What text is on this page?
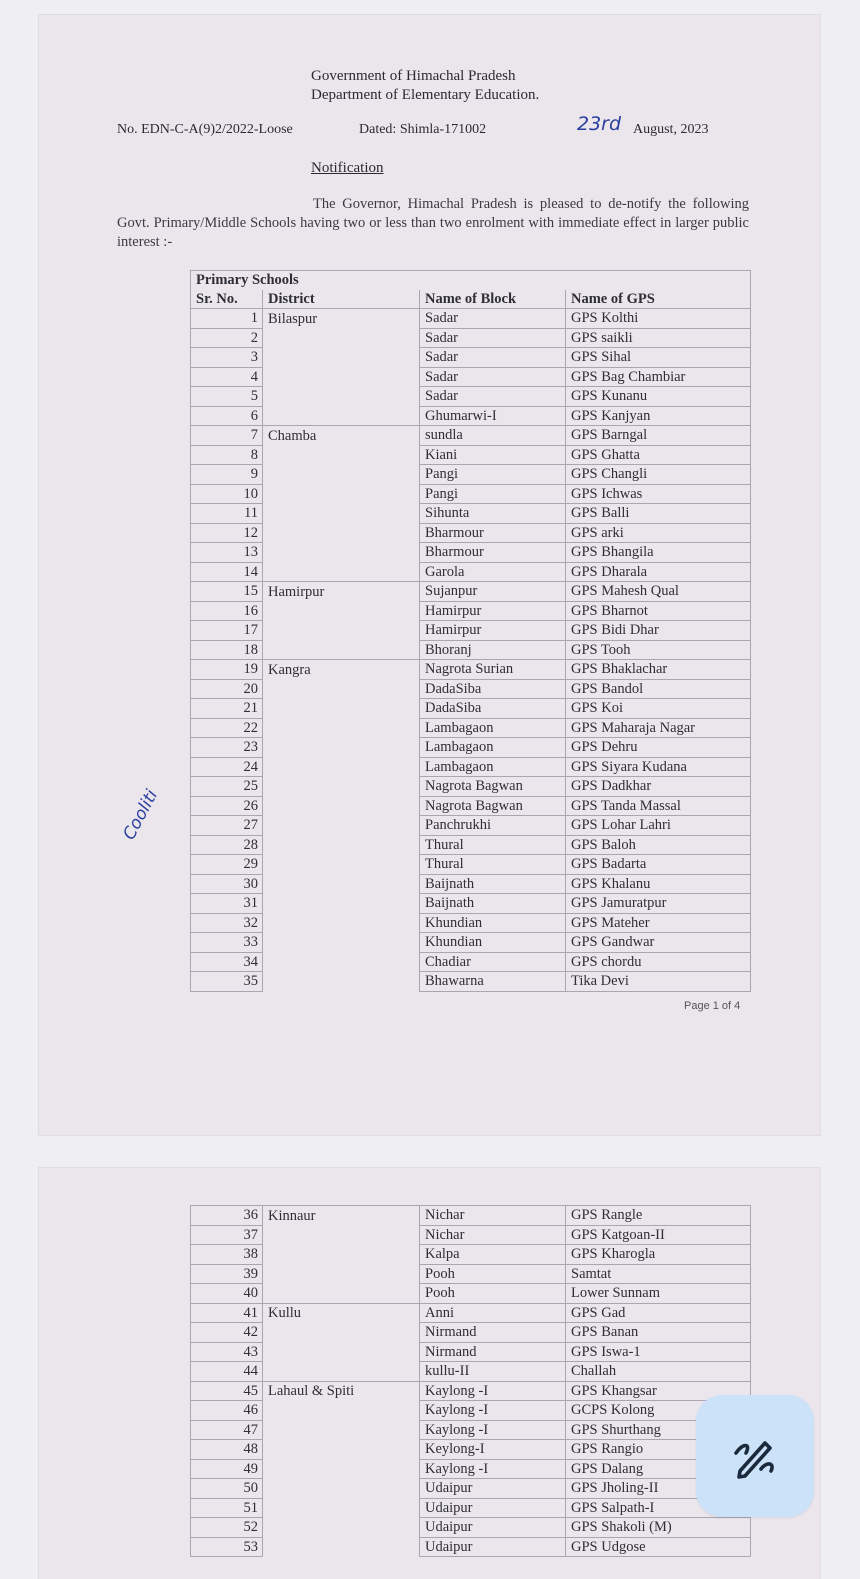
Government of Himachal Pradesh
Department of Elementary Education.
No. EDN-C-A(9)2/2022-Loose	Dated: Shimla-171002	23rd August, 2023
Notification
The Governor, Himachal Pradesh is pleased to de-notify the following Govt. Primary/Middle Schools having two or less than two enrolment with immediate effect in larger public interest :-
Cooliti
Primary Schools			
Sr. No.	District	Name of Block	Name of GPS
1	Bilaspur	Sadar	GPS Kolthi
2		Sadar	GPS saikli
3		Sadar	GPS Sihal
4		Sadar	GPS Bag Chambiar
5		Sadar	GPS Kunanu
6		Ghumarwi-I	GPS Kanjyan
7	Chamba	sundla	GPS Barngal
8		Kiani	GPS Ghatta
9		Pangi	GPS Changli
10		Pangi	GPS Ichwas
11		Sihunta	GPS Balli
12		Bharmour	GPS arki
13		Bharmour	GPS Bhangila
14		Garola	GPS Dharala
15	Hamirpur	Sujanpur	GPS Mahesh Qual
16		Hamirpur	GPS Bharnot
17		Hamirpur	GPS Bidi Dhar
18		Bhoranj	GPS Tooh
19	Kangra	Nagrota Surian	GPS Bhaklachar
20		DadaSiba	GPS Bandol
21		DadaSiba	GPS Koi
22		Lambagaon	GPS Maharaja Nagar
23		Lambagaon	GPS Dehru
24		Lambagaon	GPS Siyara Kudana
25		Nagrota Bagwan	GPS Dadkhar
26		Nagrota Bagwan	GPS Tanda Massal
27		Panchrukhi	GPS Lohar Lahri
28		Thural	GPS Baloh
29		Thural	GPS Badarta
30		Baijnath	GPS Khalanu
31		Baijnath	GPS Jamuratpur
32		Khundian	GPS Mateher
33		Khundian	GPS Gandwar
34		Chadiar	GPS chordu
35		Bhawarna	Tika Devi
Page 1 of 4
36	Kinnaur	Nichar	GPS Rangle
37		Nichar	GPS Katgoan-II
38		Kalpa	GPS Kharogla
39		Pooh	Samtat
40		Pooh	Lower Sunnam
41	Kullu	Anni	GPS Gad
42		Nirmand	GPS Banan
43		Nirmand	GPS Iswa-1
44		kullu-II	Challah
45	Lahaul & Spiti	Kaylong -I	GPS Khangsar
46		Kaylong -I	GCPS Kolong
47		Kaylong -I	GPS Shurthang
48		Keylong-I	GPS Rangio
49		Kaylong -I	GPS Dalang
50		Udaipur	GPS Jholing-II
51		Udaipur	GPS Salpath-I
52		Udaipur	GPS Shakoli (M)
53		Udaipur	GPS Udgose
